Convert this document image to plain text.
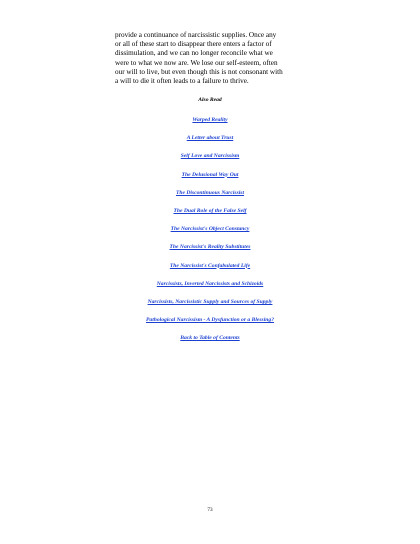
provide a continuance of narcissistic supplies. Once any
or all of these start to disappear there enters a factor of
dissimulation, and we can no longer reconcile what we
were to what we now are. We lose our self-esteem, often
our will to live, but even though this is not consonant with
a will to die it often leads to a failure to thrive.

Also Read

Warped Reality
A Letter about Trust
Self Love and Narcissism
The Delusional Way Out
The Discontinuous Narcissist
The Dual Role of the False Self
The Narcissist's Object Constancy
The Narcissist's Reality Substitutes
The Narcissist's Confabulated Life
Narcissists, Inverted Narcissists and Schizoids
Narcissists, Narcissistic Supply and Sources of Supply
Pathological Narcissism - A Dysfunction or a Blessing?
Back to Table of Contents

73
